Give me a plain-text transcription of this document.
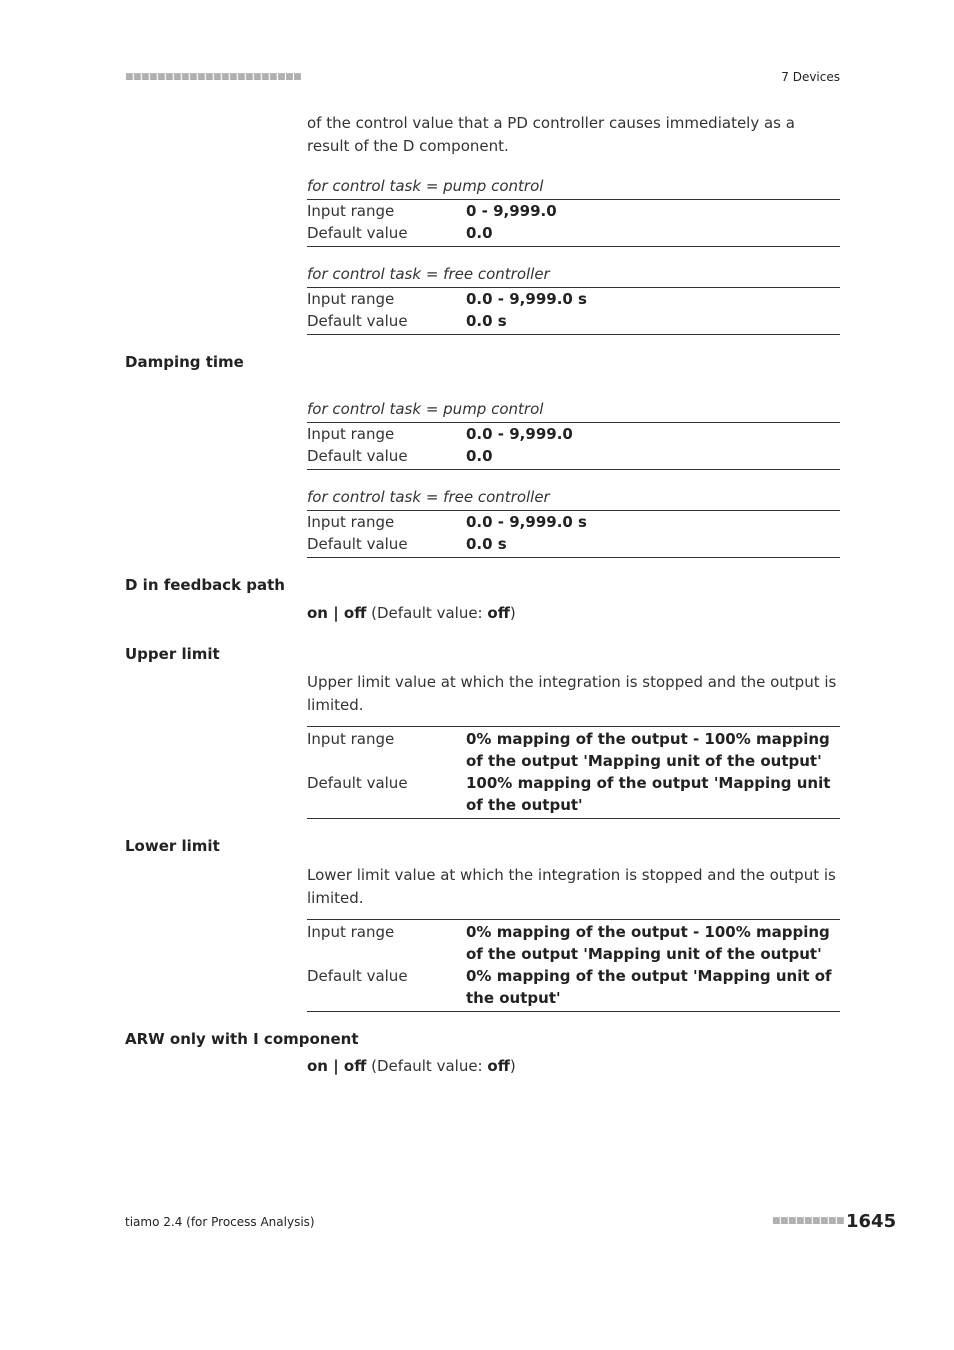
■■■■■■■■■■■■■■■■■■■■■■	7 Devices
of the control value that a PD controller causes immediately as a result of the D component.
for control task = pump control
Input range	0 - 9,999.0
Default value	0.0
for control task = free controller
Input range	0.0 - 9,999.0 s
Default value	0.0 s
Damping time
for control task = pump control
Input range	0.0 - 9,999.0
Default value	0.0
for control task = free controller
Input range	0.0 - 9,999.0 s
Default value	0.0 s
D in feedback path
on | off (Default value: off)
Upper limit
Upper limit value at which the integration is stopped and the output is limited.
Input range	0% mapping of the output - 100% mapping of the output 'Mapping unit of the output'
Default value	100% mapping of the output 'Mapping unit of the output'
Lower limit
Lower limit value at which the integration is stopped and the output is limited.
Input range	0% mapping of the output - 100% mapping of the output 'Mapping unit of the output'
Default value	0% mapping of the output 'Mapping unit of the output'
ARW only with I component
on | off (Default value: off)
tiamo 2.4 (for Process Analysis)	■■■■■■■■■ 1645
